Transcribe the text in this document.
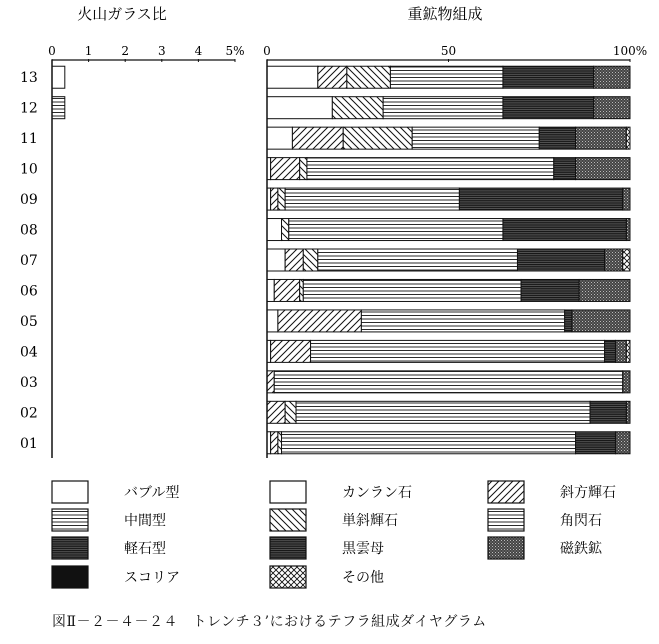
火山ガラス比	重鉱物組成
0 1 2 3 4 5% 0	50	100%
13
12
11
10
09
08
07
06
05
04
03
02
01
バブル型	カンラン石	斜方輝石
中間型	単斜輝石	角閃石
軽石型	黒雲母	磁鉄鉱
スコリア	その他
図Ⅱ－２－４－２４　トレンチ３’におけるテフラ組成ダイヤグラム
